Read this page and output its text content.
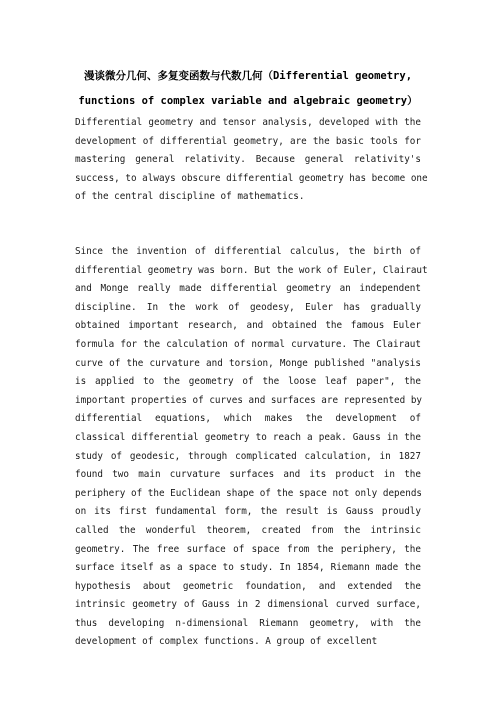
漫谈微分几何、多复变函数与代数几何（Differential geometry,
functions of complex variable and algebraic geometry）
Differential geometry and tensor analysis, developed with the
development of differential geometry, are the basic tools for
mastering general relativity. Because general relativity's
success, to always obscure differential geometry has become one
of the central discipline of mathematics.
Since the invention of differential calculus, the birth of
differential geometry was born. But the work of Euler, Clairaut
and Monge really made differential geometry an independent
discipline. In the work of geodesy, Euler has gradually
obtained important research, and obtained the famous Euler
formula for the calculation of normal curvature. The Clairaut
curve of the curvature and torsion, Monge published "analysis
is applied to the geometry of the loose leaf paper", the
important properties of curves and surfaces are represented by
differential equations, which makes the development of
classical differential geometry to reach a peak. Gauss in the
study of geodesic, through complicated calculation, in 1827
found two main curvature surfaces and its product in the
periphery of the Euclidean shape of the space not only depends
on its first fundamental form, the result is Gauss proudly
called the wonderful theorem, created from the intrinsic
geometry. The free surface of space from the periphery, the
surface itself as a space to study. In 1854, Riemann made the
hypothesis about geometric foundation, and extended the
intrinsic geometry of Gauss in 2 dimensional curved surface,
thus developing n-dimensional Riemann geometry, with the
development of complex functions. A group of excellent
